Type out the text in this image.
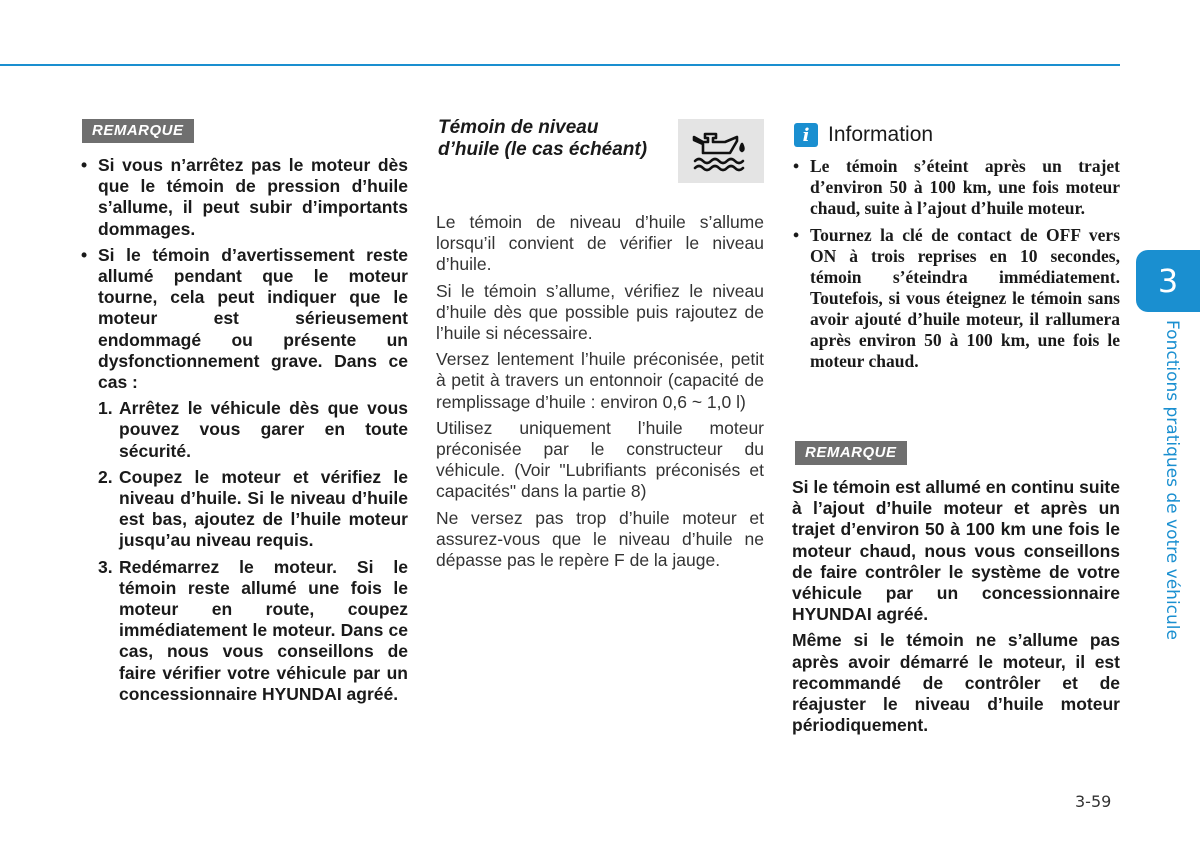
REMARQUE
• Si vous n’arrêtez pas le moteur dès que le témoin de pression d’huile s’allume, il peut subir d’importants dommages.
• Si le témoin d’avertissement reste allumé pendant que le moteur tourne, cela peut indiquer que le moteur est sérieusement endommagé ou présente un dysfonctionnement grave. Dans ce cas :
1. Arrêtez le véhicule dès que vous pouvez vous garer en toute sécurité.
2. Coupez le moteur et vérifiez le niveau d’huile. Si le niveau d’huile est bas, ajoutez de l’huile moteur jusqu’au niveau requis.
3. Redémarrez le moteur. Si le témoin reste allumé une fois le moteur en route, coupez immédiatement le moteur. Dans ce cas, nous vous conseillons de faire vérifier votre véhicule par un concessionnaire HYUNDAI agréé.
Témoin de niveau
d’huile (le cas échéant)

Le témoin de niveau d’huile s’allume lorsqu’il convient de vérifier le niveau d’huile.

Si le témoin s’allume, vérifiez le niveau d’huile dès que possible puis rajoutez de l’huile si nécessaire.

Versez lentement l’huile préconisée, petit à petit à travers un entonnoir (capacité de remplissage d’huile : environ 0,6 ~ 1,0 l)

Utilisez uniquement l’huile moteur préconisée par le constructeur du véhicule. (Voir "Lubrifiants préconisés et capacités" dans la partie 8)

Ne versez pas trop d’huile moteur et assurez-vous que le niveau d’huile ne dépasse pas le repère F de la jauge.

i Information
• Le témoin s’éteint après un trajet d’environ 50 à 100 km, une fois moteur chaud, suite à l’ajout d’huile moteur.
• Tournez la clé de contact de OFF vers ON à trois reprises en 10 secondes, témoin s’éteindra immédiatement. Toutefois, si vous éteignez le témoin sans avoir ajouté d’huile moteur, il rallumera après environ 50 à 100 km, une fois le moteur chaud.
REMARQUE

Si le témoin est allumé en continu suite à l’ajout d’huile moteur et après un trajet d’environ 50 à 100 km une fois le moteur chaud, nous vous conseillons de faire contrôler le système de votre véhicule par un concessionnaire HYUNDAI agréé.

Même si le témoin ne s’allume pas après avoir démarré le moteur, il est recommandé de contrôler et de réajuster le niveau d’huile moteur périodiquement.

3
Fonctions pratiques de votre véhicule
3-59
